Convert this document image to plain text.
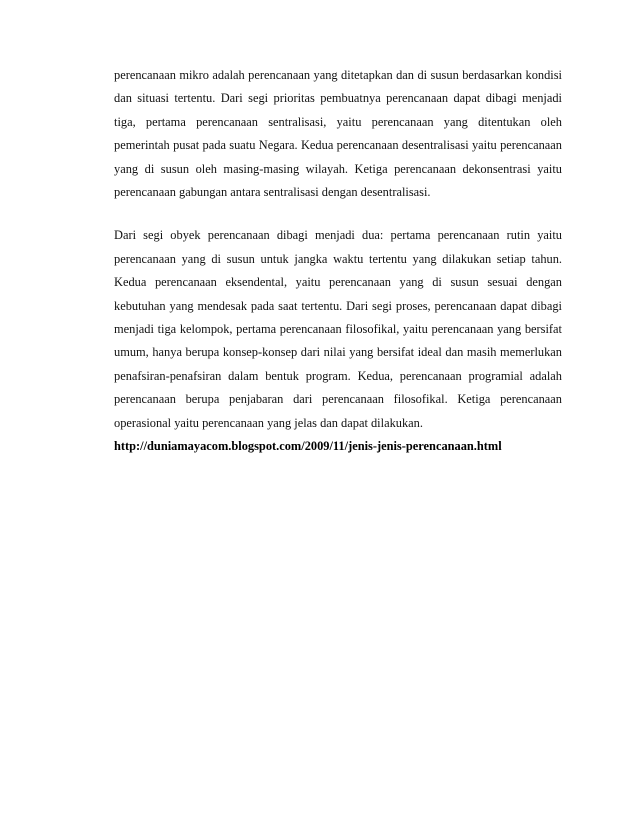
perencanaan mikro adalah perencanaan yang ditetapkan dan di susun berdasarkan kondisi dan situasi tertentu. Dari segi prioritas pembuatnya perencanaan dapat dibagi menjadi tiga, pertama perencanaan sentralisasi, yaitu perencanaan yang ditentukan oleh pemerintah pusat pada suatu Negara. Kedua perencanaan desentralisasi yaitu perencanaan yang di susun oleh masing-masing wilayah. Ketiga perencanaan dekonsentrasi yaitu perencanaan gabungan antara sentralisasi dengan desentralisasi.

Dari segi obyek perencanaan dibagi menjadi dua: pertama perencanaan rutin yaitu perencanaan yang di susun untuk jangka waktu tertentu yang dilakukan setiap tahun. Kedua perencanaan eksendental, yaitu perencanaan yang di susun sesuai dengan kebutuhan yang mendesak pada saat tertentu. Dari segi proses, perencanaan dapat dibagi menjadi tiga kelompok, pertama perencanaan filosofikal, yaitu perencanaan yang bersifat umum, hanya berupa konsep-konsep dari nilai yang bersifat ideal dan masih memerlukan penafsiran-penafsiran dalam bentuk program. Kedua, perencanaan programial adalah perencanaan berupa penjabaran dari perencanaan filosofikal. Ketiga perencanaan operasional yaitu perencanaan yang jelas dan dapat dilakukan.

http://duniamayacom.blogspot.com/2009/11/jenis-jenis-perencanaan.html
